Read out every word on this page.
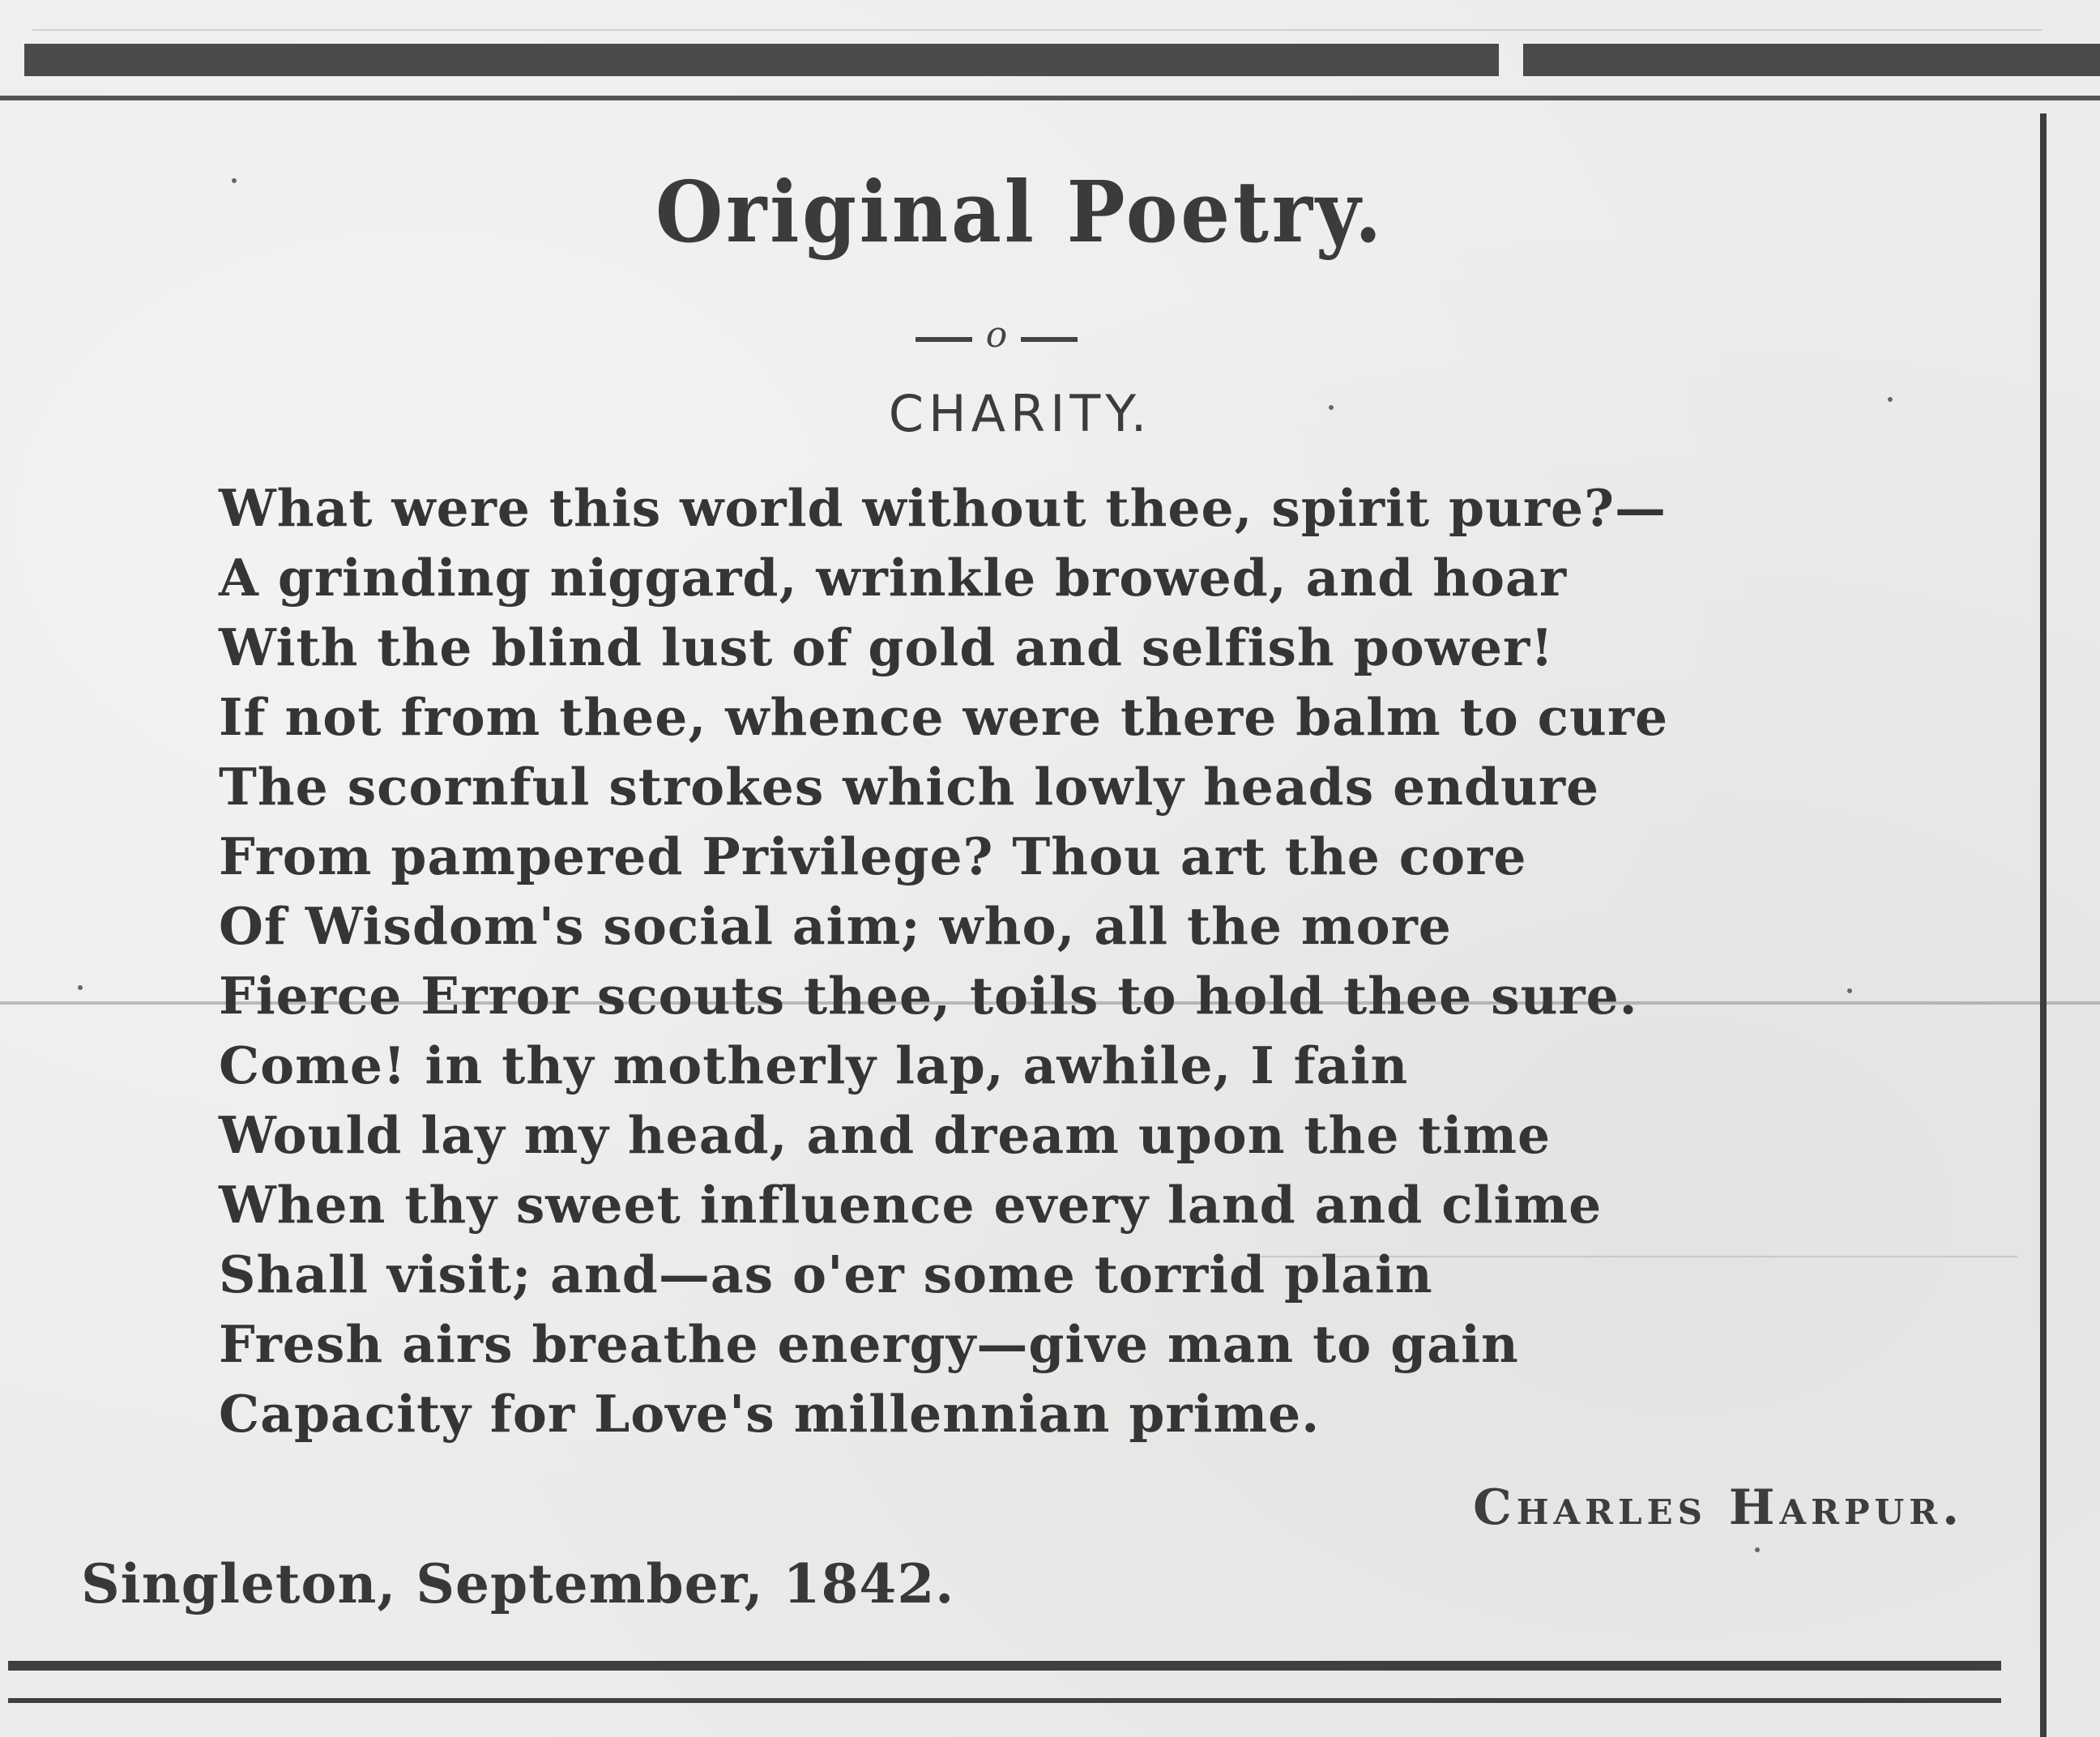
Original Poetry.
o
CHARITY.
What were this world without thee, spirit pure?—
A grinding niggard, wrinkle browed, and hoar
With the blind lust of gold and selfish power!
If not from thee, whence were there balm to cure
The scornful strokes which lowly heads endure
From pampered Privilege? Thou art the core
Of Wisdom's social aim; who, all the more
Fierce Error scouts thee, toils to hold thee sure.
Come! in thy motherly lap, awhile, I fain
Would lay my head, and dream upon the time
When thy sweet influence every land and clime
Shall visit; and—as o'er some torrid plain
Fresh airs breathe energy—give man to gain
Capacity for Love's millennian prime.
Charles Harpur.
Singleton, September, 1842.
